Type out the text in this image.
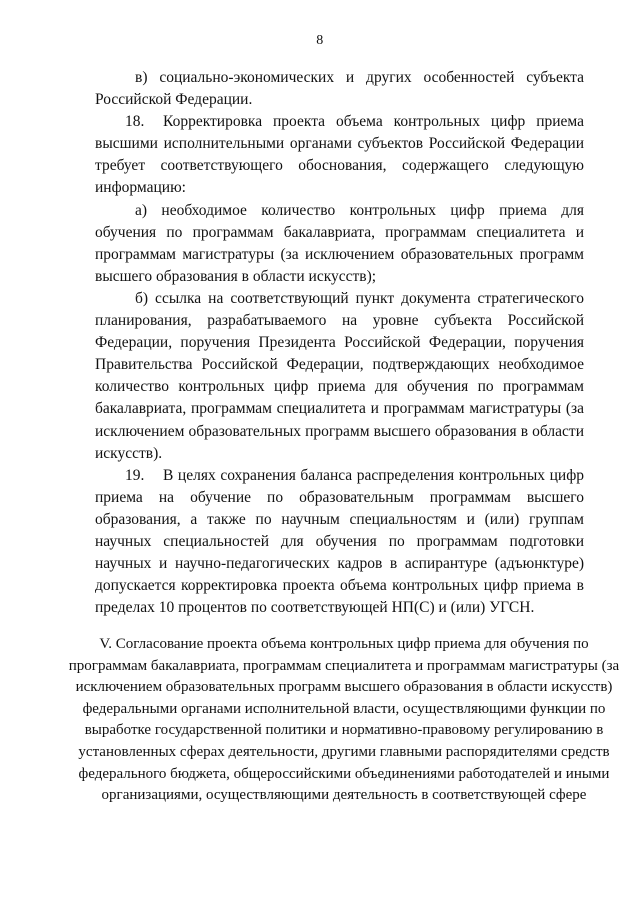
8

в) социально-экономических и других особенностей субъекта Российской Федерации.

18. Корректировка проекта объема контрольных цифр приема высшими исполнительными органами субъектов Российской Федерации требует соответствующего обоснования, содержащего следующую информацию:

а) необходимое количество контрольных цифр приема для обучения по программам бакалавриата, программам специалитета и программам магистратуры (за исключением образовательных программ высшего образования в области искусств);

б) ссылка на соответствующий пункт документа стратегического планирования, разрабатываемого на уровне субъекта Российской Федерации, поручения Президента Российской Федерации, поручения Правительства Российской Федерации, подтверждающих необходимое количество контрольных цифр приема для обучения по программам бакалавриата, программам специалитета и программам магистратуры (за исключением образовательных программ высшего образования в области искусств).

19. В целях сохранения баланса распределения контрольных цифр приема на обучение по образовательным программам высшего образования, а также по научным специальностям и (или) группам научных специальностей для обучения по программам подготовки научных и научно-педагогических кадров в аспирантуре (адъюнктуре) допускается корректировка проекта объема контрольных цифр приема в пределах 10 процентов по соответствующей НП(С) и (или) УГСН.

V. Согласование проекта объема контрольных цифр приема для обучения по программам бакалавриата, программам специалитета и программам магистратуры (за исключением образовательных программ высшего образования в области искусств) федеральными органами исполнительной власти, осуществляющими функции по выработке государственной политики и нормативно-правовому регулированию в установленных сферах деятельности, другими главными распорядителями средств федерального бюджета, общероссийскими объединениями работодателей и иными организациями, осуществляющими деятельность в соответствующей сфере
